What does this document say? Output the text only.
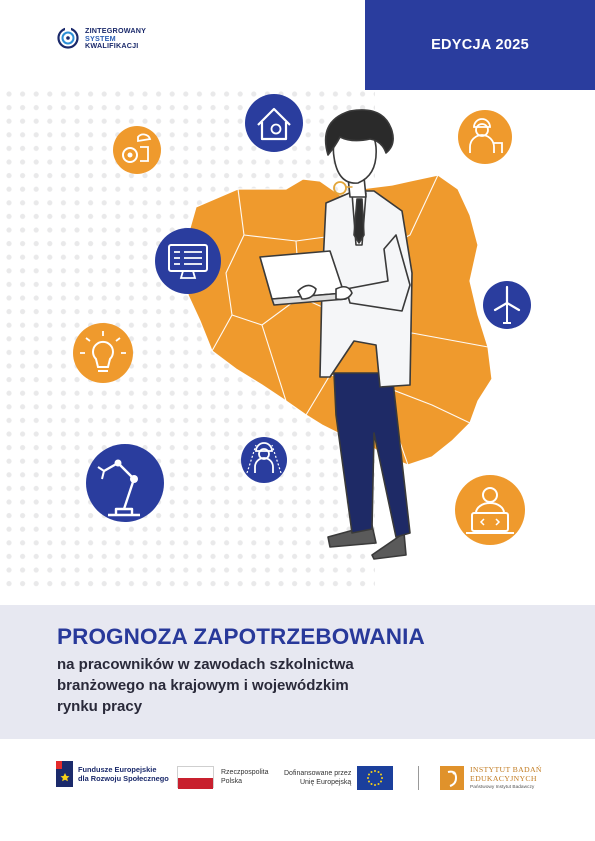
ZINTEGROWANY
SYSTEM
KWALIFIKACJI	EDYCJA 2025
PROGNOZA ZAPOTRZEBOWANIA
na pracowników w zawodach szkolnictwa
branżowego na krajowym i wojewódzkim
rynku pracy
Fundusze Europejskie
dla Rozwoju Społecznego
Rzeczpospolita
Polska
Dofinansowane przez
Unię Europejską
INSTYTUT BADAŃ
EDUKACYJNYCH
Państwowy Instytut Badawczy
